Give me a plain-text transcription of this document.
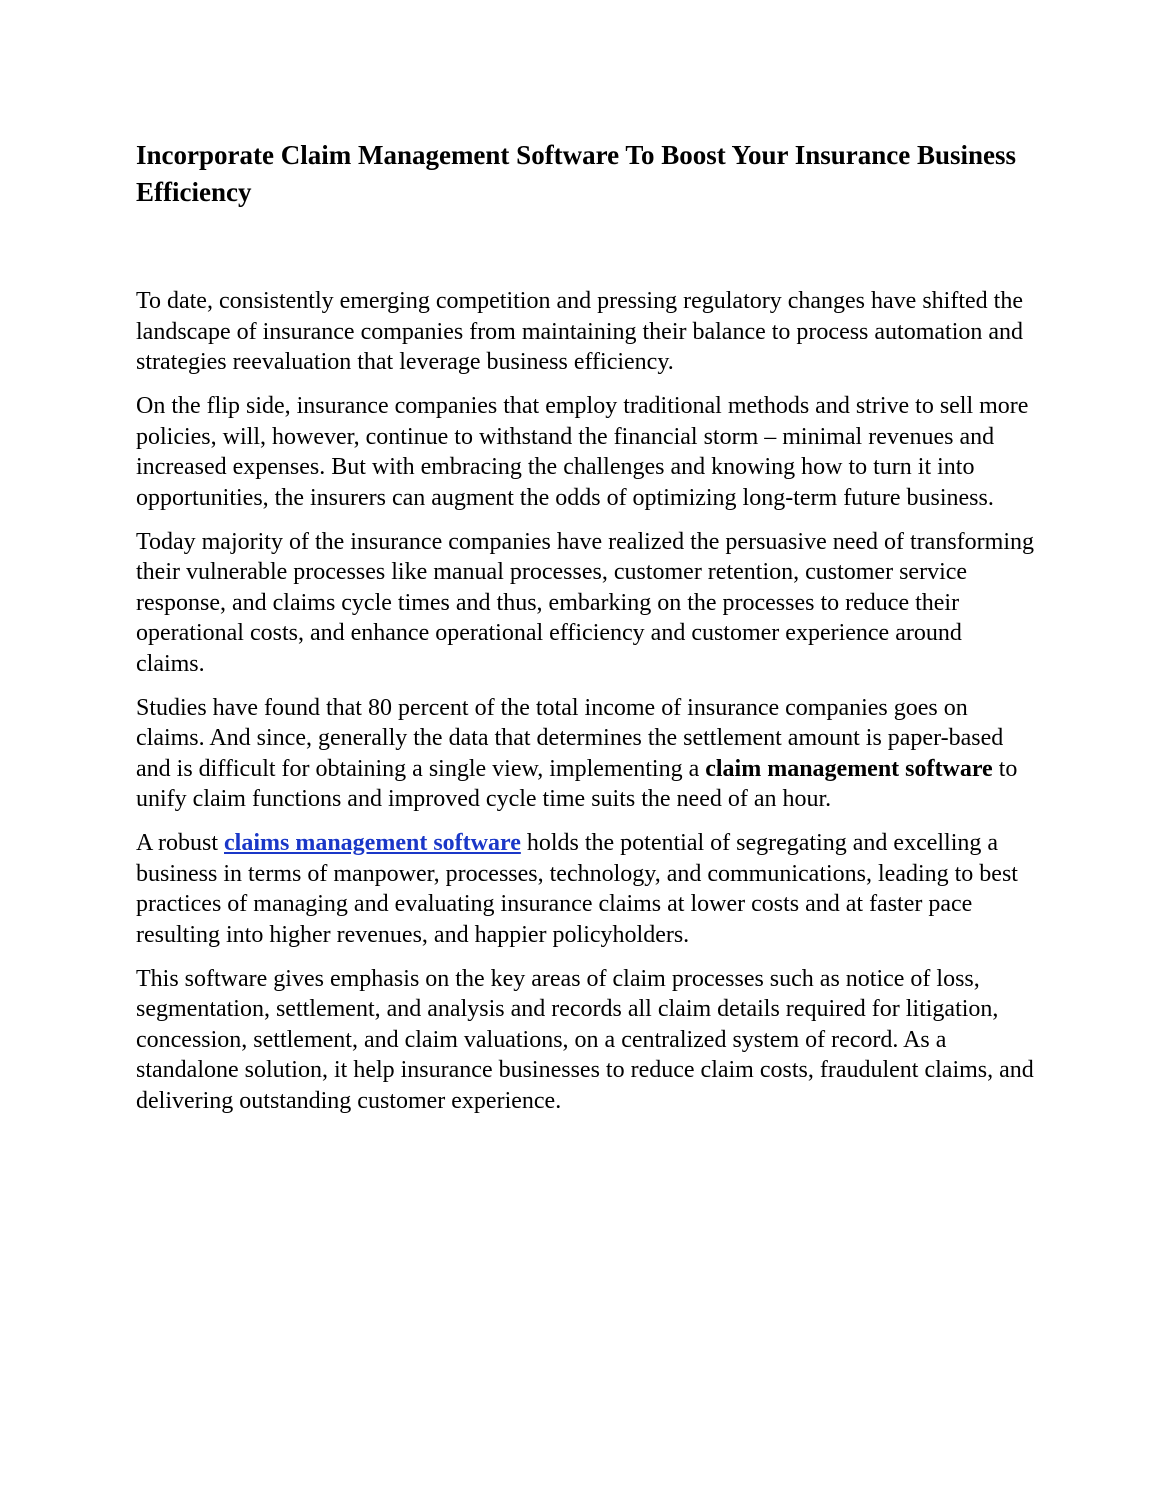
Incorporate Claim Management Software To Boost Your Insurance Business Efficiency

To date, consistently emerging competition and pressing regulatory changes have shifted the landscape of insurance companies from maintaining their balance to process automation and strategies reevaluation that leverage business efficiency.

On the flip side, insurance companies that employ traditional methods and strive to sell more policies, will, however, continue to withstand the financial storm – minimal revenues and increased expenses. But with embracing the challenges and knowing how to turn it into opportunities, the insurers can augment the odds of optimizing long-term future business.

Today majority of the insurance companies have realized the persuasive need of transforming their vulnerable processes like manual processes, customer retention, customer service response, and claims cycle times and thus, embarking on the processes to reduce their operational costs, and enhance operational efficiency and customer experience around claims.

Studies have found that 80 percent of the total income of insurance companies goes on claims. And since, generally the data that determines the settlement amount is paper-based and is difficult for obtaining a single view, implementing a claim management software to unify claim functions and improved cycle time suits the need of an hour.

A robust claims management software holds the potential of segregating and excelling a business in terms of manpower, processes, technology, and communications, leading to best practices of managing and evaluating insurance claims at lower costs and at faster pace resulting into higher revenues, and happier policyholders.

This software gives emphasis on the key areas of claim processes such as notice of loss, segmentation, settlement, and analysis and records all claim details required for litigation, concession, settlement, and claim valuations, on a centralized system of record. As a standalone solution, it help insurance businesses to reduce claim costs, fraudulent claims, and delivering outstanding customer experience.
